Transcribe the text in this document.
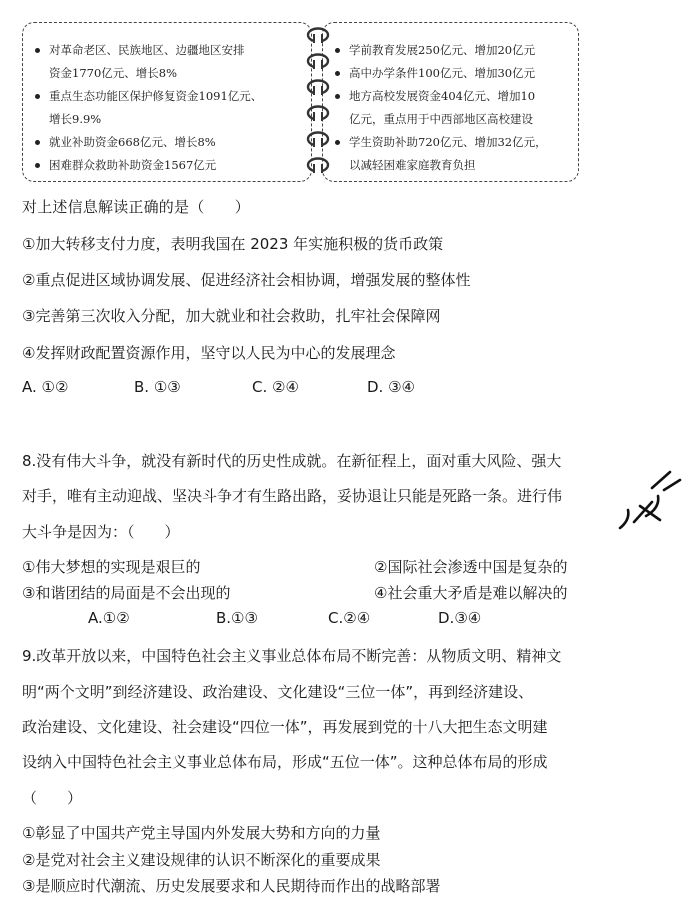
对革命老区、民族地区、边疆地区安排
资金1770亿元、增长8%
重点生态功能区保护修复资金1091亿元、
增长9.9%
就业补助资金668亿元、增长8%
困难群众救助补助资金1567亿元
学前教育发展250亿元、增加20亿元
高中办学条件100亿元、增加30亿元
地方高校发展资金404亿元、增加10
亿元，重点用于中西部地区高校建设
学生资助补助720亿元、增加32亿元，
以减轻困难家庭教育负担
对上述信息解读正确的是（　　）
①加大转移支付力度，表明我国在 2023 年实施积极的货币政策
②重点促进区域协调发展、促进经济社会相协调，增强发展的整体性
③完善第三次收入分配，加大就业和社会救助，扎牢社会保障网
④发挥财政配置资源作用，坚守以人民为中心的发展理念
A. ①②	B. ①③	C. ②④	D. ③④
8.没有伟大斗争，就没有新时代的历史性成就。在新征程上，面对重大风险、强大
对手，唯有主动迎战、坚决斗争才有生路出路，妥协退让只能是死路一条。进行伟
大斗争是因为：（　　）
①伟大梦想的实现是艰巨的	②国际社会渗透中国是复杂的
③和谐团结的局面是不会出现的	④社会重大矛盾是难以解决的
A.①②	B.①③	C.②④	D.③④
9.改革开放以来，中国特色社会主义事业总体布局不断完善：从物质文明、精神文
明“两个文明”到经济建设、政治建设、文化建设“三位一体”，再到经济建设、
政治建设、文化建设、社会建设“四位一体”，再发展到党的十八大把生态文明建
设纳入中国特色社会主义事业总体布局，形成“五位一体”。这种总体布局的形成
（　　）
①彰显了中国共产党主导国内外发展大势和方向的力量
②是党对社会主义建设规律的认识不断深化的重要成果
③是顺应时代潮流、历史发展要求和人民期待而作出的战略部署
